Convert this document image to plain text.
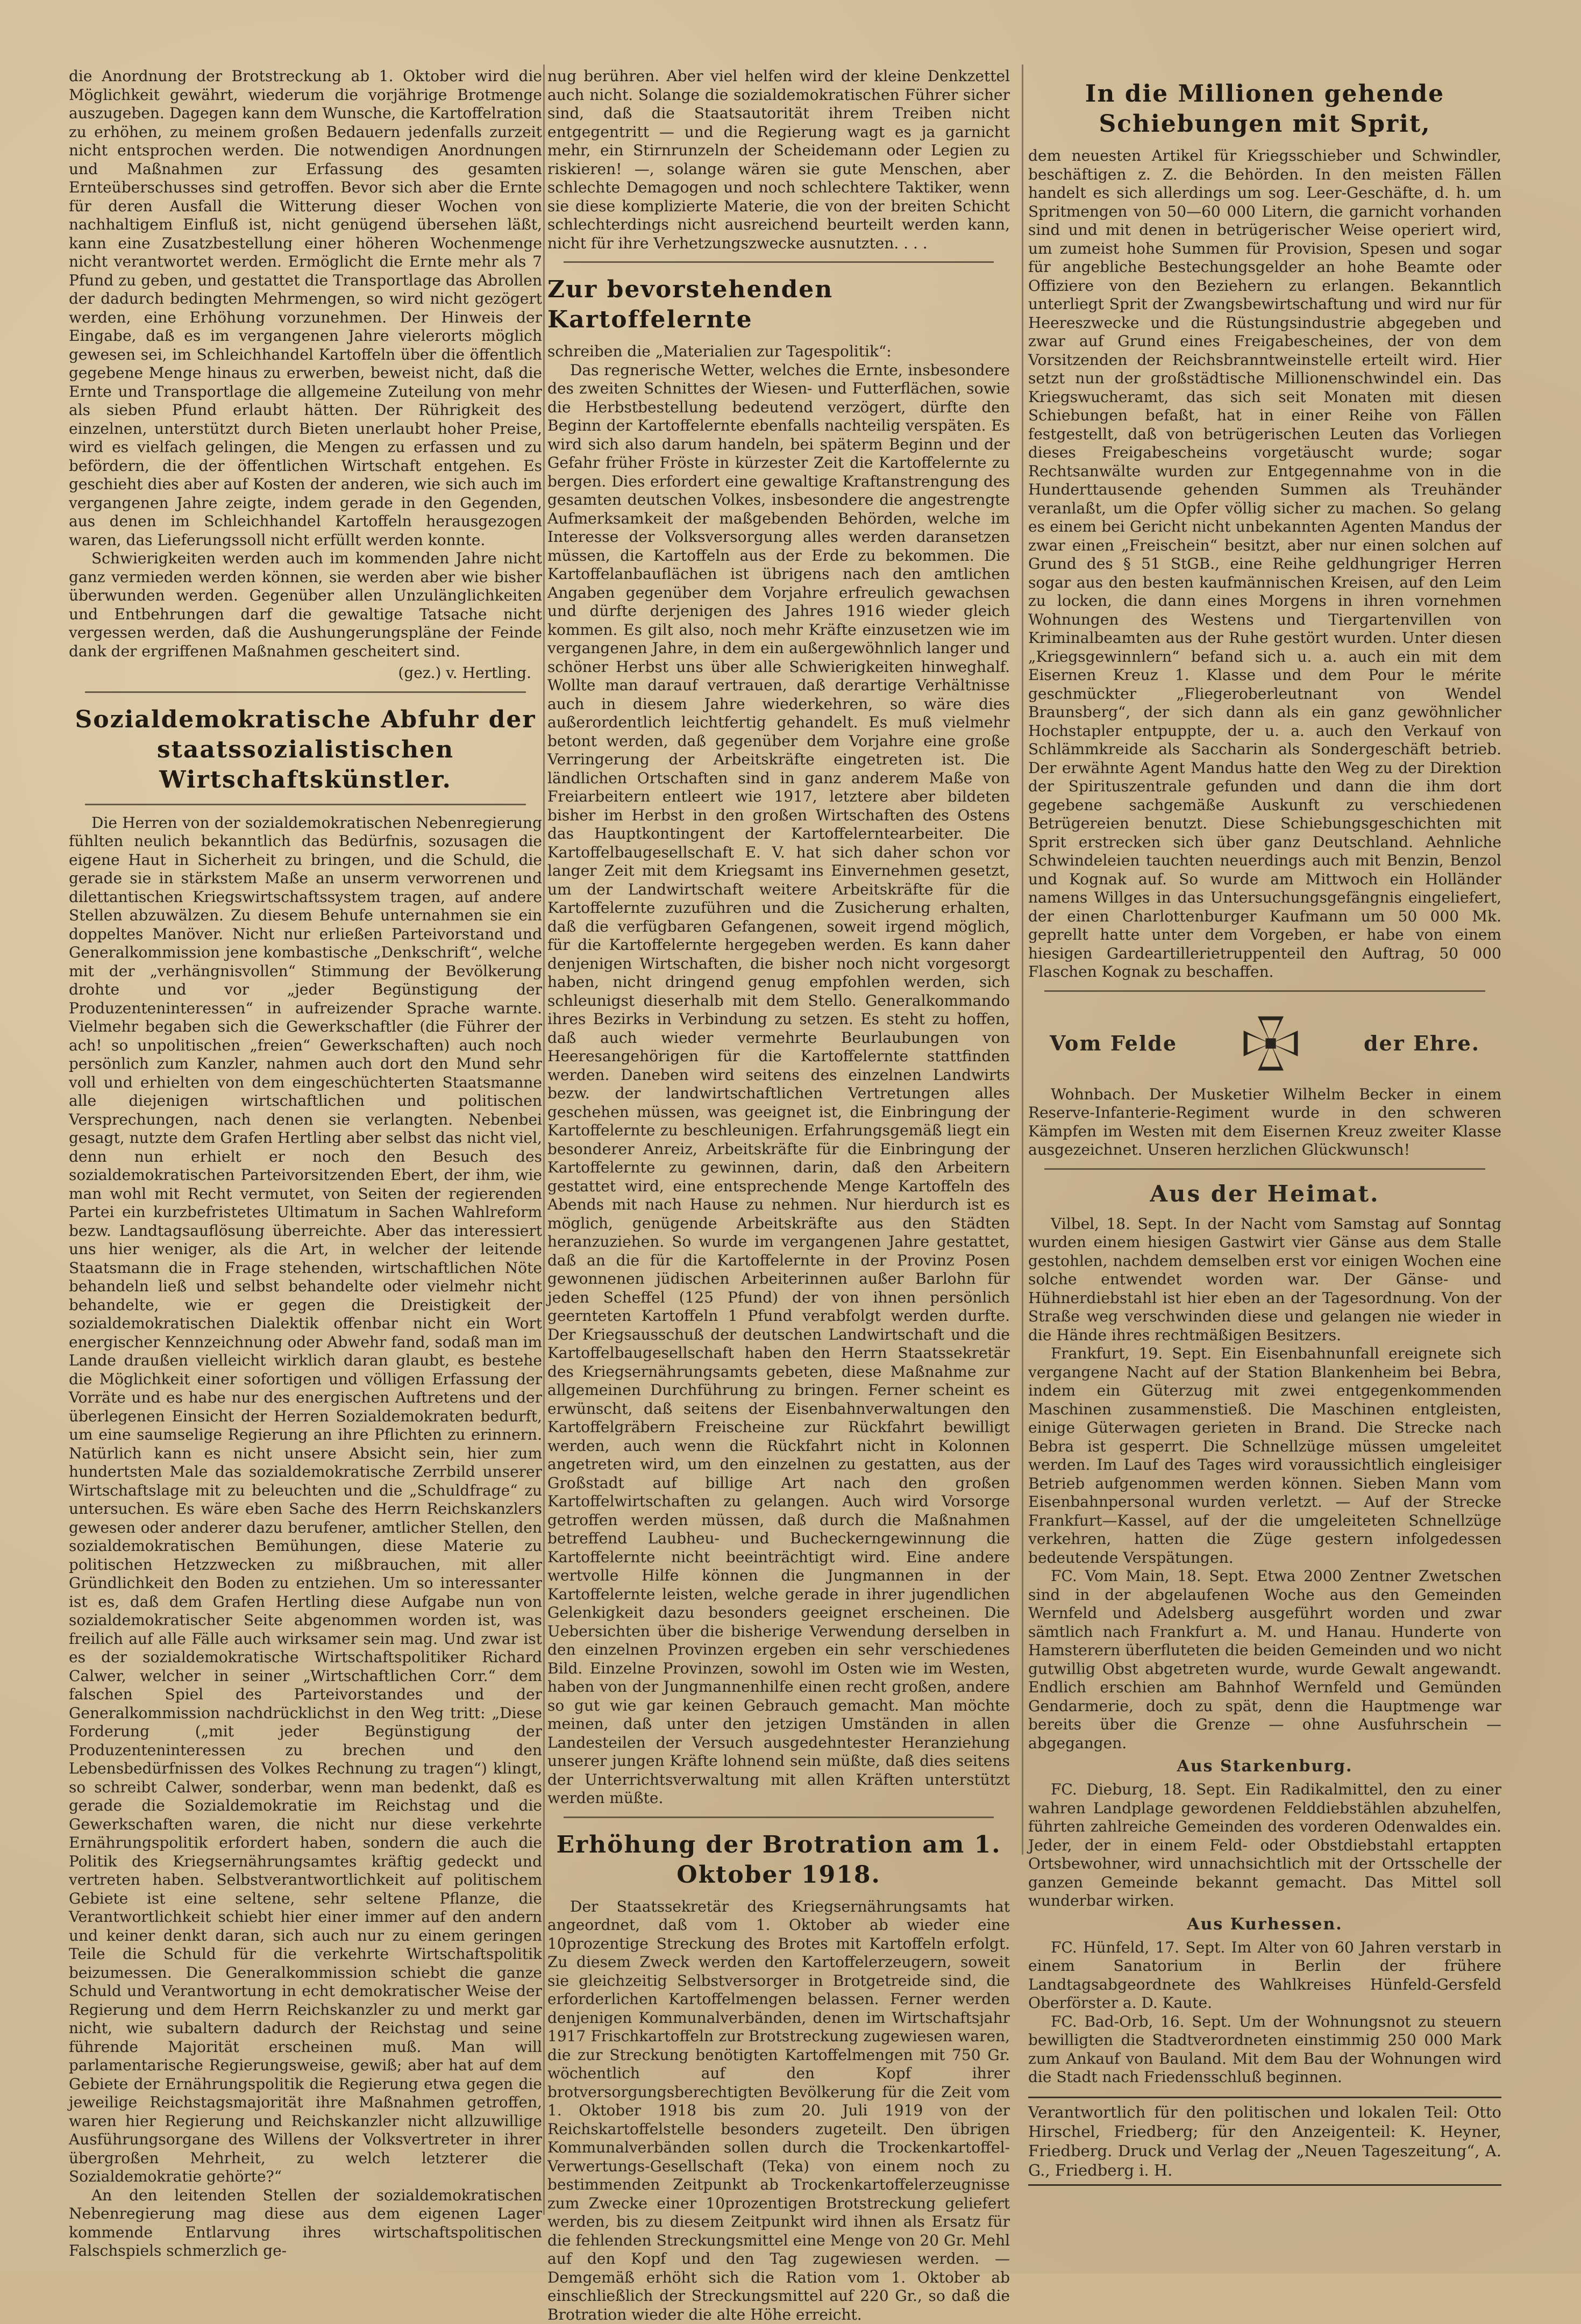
die Anordnung der Brotstreckung ab 1. Oktober wird die Möglichkeit gewährt, wiederum die vorjährige Brotmenge auszugeben. Dagegen kann dem Wunsche, die Kartoffelration zu erhöhen, zu meinem großen Bedauern jedenfalls zurzeit nicht entsprochen werden. Die notwendigen Anordnungen und Maßnahmen zur Erfassung des gesamten Ernteüberschusses sind getroffen. Bevor sich aber die Ernte für deren Ausfall die Witterung dieser Wochen von nachhaltigem Einfluß ist, nicht genügend übersehen läßt, kann eine Zusatzbestellung einer höheren Wochenmenge nicht verantwortet werden. Ermöglicht die Ernte mehr als 7 Pfund zu geben, und gestattet die Transportlage das Abrollen der dadurch bedingten Mehrmengen, so wird nicht gezögert werden, eine Erhöhung vorzunehmen. Der Hinweis der Eingabe, daß es im vergangenen Jahre vielerorts möglich gewesen sei, im Schleichhandel Kartoffeln über die öffentlich gegebene Menge hinaus zu erwerben, beweist nicht, daß die Ernte und Transportlage die allgemeine Zuteilung von mehr als sieben Pfund erlaubt hätten. Der Rührigkeit des einzelnen, unterstützt durch Bieten unerlaubt hoher Preise, wird es vielfach gelingen, die Mengen zu erfassen und zu befördern, die der öffentlichen Wirtschaft entgehen. Es geschieht dies aber auf Kosten der anderen, wie sich auch im vergangenen Jahre zeigte, indem gerade in den Gegenden, aus denen im Schleichhandel Kartoffeln herausgezogen waren, das Lieferungssoll nicht erfüllt werden konnte.

Schwierigkeiten werden auch im kommenden Jahre nicht ganz vermieden werden können, sie werden aber wie bisher überwunden werden. Gegenüber allen Unzulänglichkeiten und Entbehrungen darf die gewaltige Tatsache nicht vergessen werden, daß die Aushungerungspläne der Feinde dank der ergriffenen Maßnahmen gescheitert sind.

(gez.) v. Hertling.
Sozialdemokratische Abfuhr der staatssozialistischen Wirtschaftskünstler.

Die Herren von der sozialdemokratischen Nebenregierung fühlten neulich bekanntlich das Bedürfnis, sozusagen die eigene Haut in Sicherheit zu bringen, und die Schuld, die gerade sie in stärkstem Maße an unserm verworrenen und dilettantischen Kriegswirtschaftssystem tragen, auf andere Stellen abzuwälzen. Zu diesem Behufe unternahmen sie ein doppeltes Manöver. Nicht nur erließen Parteivorstand und Generalkommission jene kombastische „Denkschrift“, welche mit der „verhängnisvollen“ Stimmung der Bevölkerung drohte und vor „jeder Begünstigung der Produzenteninteressen“ in aufreizender Sprache warnte. Vielmehr begaben sich die Gewerkschaftler (die Führer der ach! so unpolitischen „freien“ Gewerkschaften) auch noch persönlich zum Kanzler, nahmen auch dort den Mund sehr voll und erhielten von dem eingeschüchterten Staatsmanne alle diejenigen wirtschaftlichen und politischen Versprechungen, nach denen sie verlangten. Nebenbei gesagt, nutzte dem Grafen Hertling aber selbst das nicht viel, denn nun erhielt er noch den Besuch des sozialdemokratischen Parteivorsitzenden Ebert, der ihm, wie man wohl mit Recht vermutet, von Seiten der regierenden Partei ein kurzbefristetes Ultimatum in Sachen Wahlreform bezw. Landtagsauflösung überreichte. Aber das interessiert uns hier weniger, als die Art, in welcher der leitende Staatsmann die in Frage stehenden, wirtschaftlichen Nöte behandeln ließ und selbst behandelte oder vielmehr nicht behandelte, wie er gegen die Dreistigkeit der sozialdemokratischen Dialektik offenbar nicht ein Wort energischer Kennzeichnung oder Abwehr fand, sodaß man im Lande draußen vielleicht wirklich daran glaubt, es bestehe die Möglichkeit einer sofortigen und völligen Erfassung der Vorräte und es habe nur des energischen Auftretens und der überlegenen Einsicht der Herren Sozialdemokraten bedurft, um eine saumselige Regierung an ihre Pflichten zu erinnern. Natürlich kann es nicht unsere Absicht sein, hier zum hundertsten Male das sozialdemokratische Zerrbild unserer Wirtschaftslage mit zu beleuchten und die „Schuldfrage“ zu untersuchen. Es wäre eben Sache des Herrn Reichskanzlers gewesen oder anderer dazu berufener, amtlicher Stellen, den sozialdemokratischen Bemühungen, diese Materie zu politischen Hetzzwecken zu mißbrauchen, mit aller Gründlichkeit den Boden zu entziehen. Um so interessanter ist es, daß dem Grafen Hertling diese Aufgabe nun von sozialdemokratischer Seite abgenommen worden ist, was freilich auf alle Fälle auch wirksamer sein mag. Und zwar ist es der sozialdemokratische Wirtschaftspolitiker Richard Calwer, welcher in seiner „Wirtschaftlichen Corr.“ dem falschen Spiel des Parteivorstandes und der Generalkommission nachdrücklichst in den Weg tritt: „Diese Forderung („mit jeder Begünstigung der Produzenteninteressen zu brechen und den Lebensbedürfnissen des Volkes Rechnung zu tragen“) klingt, so schreibt Calwer, sonderbar, wenn man bedenkt, daß es gerade die Sozialdemokratie im Reichstag und die Gewerkschaften waren, die nicht nur diese verkehrte Ernährungspolitik erfordert haben, sondern die auch die Politik des Kriegsernährungsamtes kräftig gedeckt und vertreten haben. Selbstverantwortlichkeit auf politischem Gebiete ist eine seltene, sehr seltene Pflanze, die Verantwortlichkeit schiebt hier einer immer auf den andern und keiner denkt daran, sich auch nur zu einem geringen Teile die Schuld für die verkehrte Wirtschaftspolitik beizumessen. Die Generalkommission schiebt die ganze Schuld und Verantwortung in echt demokratischer Weise der Regierung und dem Herrn Reichskanzler zu und merkt gar nicht, wie subaltern dadurch der Reichstag und seine führende Majorität erscheinen muß. Man will parlamentarische Regierungsweise, gewiß; aber hat auf dem Gebiete der Ernährungspolitik die Regierung etwa gegen die jeweilige Reichstagsmajorität ihre Maßnahmen getroffen, waren hier Regierung und Reichskanzler nicht allzuwillige Ausführungsorgane des Willens der Volksvertreter in ihrer übergroßen Mehrheit, zu welch letzterer die Sozialdemokratie gehörte?“

An den leitenden Stellen der sozialdemokratischen Nebenregierung mag diese aus dem eigenen Lager kommende Entlarvung ihres wirtschaftspolitischen Falschspiels schmerzlich ge-

nug berühren. Aber viel helfen wird der kleine Denkzettel auch nicht. Solange die sozialdemokratischen Führer sicher sind, daß die Staatsautorität ihrem Treiben nicht entgegentritt — und die Regierung wagt es ja garnicht mehr, ein Stirnrunzeln der Scheidemann oder Legien zu riskieren! —, solange wären sie gute Menschen, aber schlechte Demagogen und noch schlechtere Taktiker, wenn sie diese komplizierte Materie, die von der breiten Schicht schlechterdings nicht ausreichend beurteilt werden kann, nicht für ihre Verhetzungszwecke ausnutzten. . . .

Zur bevorstehenden Kartoffelernte

schreiben die „Materialien zur Tagespolitik“:

Das regnerische Wetter, welches die Ernte, insbesondere des zweiten Schnittes der Wiesen- und Futterflächen, sowie die Herbstbestellung bedeutend verzögert, dürfte den Beginn der Kartoffelernte ebenfalls nachteilig verspäten. Es wird sich also darum handeln, bei späterm Beginn und der Gefahr früher Fröste in kürzester Zeit die Kartoffelernte zu bergen. Dies erfordert eine gewaltige Kraftanstrengung des gesamten deutschen Volkes, insbesondere die angestrengte Aufmerksamkeit der maßgebenden Behörden, welche im Interesse der Volksversorgung alles werden daransetzen müssen, die Kartoffeln aus der Erde zu bekommen. Die Kartoffelanbauflächen ist übrigens nach den amtlichen Angaben gegenüber dem Vorjahre erfreulich gewachsen und dürfte derjenigen des Jahres 1916 wieder gleich kommen. Es gilt also, noch mehr Kräfte einzusetzen wie im vergangenen Jahre, in dem ein außergewöhnlich langer und schöner Herbst uns über alle Schwierigkeiten hinweghalf. Wollte man darauf vertrauen, daß derartige Verhältnisse auch in diesem Jahre wiederkehren, so wäre dies außerordentlich leichtfertig gehandelt. Es muß vielmehr betont werden, daß gegenüber dem Vorjahre eine große Verringerung der Arbeitskräfte eingetreten ist. Die ländlichen Ortschaften sind in ganz anderem Maße von Freiarbeitern entleert wie 1917, letztere aber bildeten bisher im Herbst in den großen Wirtschaften des Ostens das Hauptkontingent der Kartoffelerntearbeiter. Die Kartoffelbaugesellschaft E. V. hat sich daher schon vor langer Zeit mit dem Kriegsamt ins Einvernehmen gesetzt, um der Landwirtschaft weitere Arbeitskräfte für die Kartoffelernte zuzuführen und die Zusicherung erhalten, daß die verfügbaren Gefangenen, soweit irgend möglich, für die Kartoffelernte hergegeben werden. Es kann daher denjenigen Wirtschaften, die bisher noch nicht vorgesorgt haben, nicht dringend genug empfohlen werden, sich schleunigst dieserhalb mit dem Stello. Generalkommando ihres Bezirks in Verbindung zu setzen. Es steht zu hoffen, daß auch wieder vermehrte Beurlaubungen von Heeresangehörigen für die Kartoffelernte stattfinden werden. Daneben wird seitens des einzelnen Landwirts bezw. der landwirtschaftlichen Vertretungen alles geschehen müssen, was geeignet ist, die Einbringung der Kartoffelernte zu beschleunigen. Erfahrungsgemäß liegt ein besonderer Anreiz, Arbeitskräfte für die Einbringung der Kartoffelernte zu gewinnen, darin, daß den Arbeitern gestattet wird, eine entsprechende Menge Kartoffeln des Abends mit nach Hause zu nehmen. Nur hierdurch ist es möglich, genügende Arbeitskräfte aus den Städten heranzuziehen. So wurde im vergangenen Jahre gestattet, daß an die für die Kartoffelernte in der Provinz Posen gewonnenen jüdischen Arbeiterinnen außer Barlohn für jeden Scheffel (125 Pfund) der von ihnen persönlich geernteten Kartoffeln 1 Pfund verabfolgt werden durfte. Der Kriegsausschuß der deutschen Landwirtschaft und die Kartoffelbaugesellschaft haben den Herrn Staatssekretär des Kriegsernährungsamts gebeten, diese Maßnahme zur allgemeinen Durchführung zu bringen. Ferner scheint es erwünscht, daß seitens der Eisenbahnverwaltungen den Kartoffelgräbern Freischeine zur Rückfahrt bewilligt werden, auch wenn die Rückfahrt nicht in Kolonnen angetreten wird, um den einzelnen zu gestatten, aus der Großstadt auf billige Art nach den großen Kartoffelwirtschaften zu gelangen. Auch wird Vorsorge getroffen werden müssen, daß durch die Maßnahmen betreffend Laubheu- und Bucheckerngewinnung die Kartoffelernte nicht beeinträchtigt wird. Eine andere wertvolle Hilfe können die Jungmannen in der Kartoffelernte leisten, welche gerade in ihrer jugendlichen Gelenkigkeit dazu besonders geeignet erscheinen. Die Uebersichten über die bisherige Verwendung derselben in den einzelnen Provinzen ergeben ein sehr verschiedenes Bild. Einzelne Provinzen, sowohl im Osten wie im Westen, haben von der Jungmannenhilfe einen recht großen, andere so gut wie gar keinen Gebrauch gemacht. Man möchte meinen, daß unter den jetzigen Umständen in allen Landesteilen der Versuch ausgedehntester Heranziehung unserer jungen Kräfte lohnend sein müßte, daß dies seitens der Unterrichtsverwaltung mit allen Kräften unterstützt werden müßte.

Erhöhung der Brotration am 1. Oktober 1918.

Der Staatssekretär des Kriegsernährungsamts hat angeordnet, daß vom 1. Oktober ab wieder eine 10prozentige Streckung des Brotes mit Kartoffeln erfolgt. Zu diesem Zweck werden den Kartoffelerzeugern, soweit sie gleichzeitig Selbstversorger in Brotgetreide sind, die erforderlichen Kartoffelmengen belassen. Ferner werden denjenigen Kommunalverbänden, denen im Wirtschaftsjahr 1917 Frischkartoffeln zur Brotstreckung zugewiesen waren, die zur Streckung benötigten Kartoffelmengen mit 750 Gr. wöchentlich auf den Kopf ihrer brotversorgungsberechtigten Bevölkerung für die Zeit vom 1. Oktober 1918 bis zum 20. Juli 1919 von der Reichskartoffelstelle besonders zugeteilt. Den übrigen Kommunalverbänden sollen durch die Trockenkartoffel-Verwertungs-Gesellschaft (Teka) von einem noch zu bestimmenden Zeitpunkt ab Trockenkartoffelerzeugnisse zum Zwecke einer 10prozentigen Brotstreckung geliefert werden, bis zu diesem Zeitpunkt wird ihnen als Ersatz für die fehlenden Streckungsmittel eine Menge von 20 Gr. Mehl auf den Kopf und den Tag zugewiesen werden. — Demgemäß erhöht sich die Ration vom 1. Oktober ab einschließlich der Streckungsmittel auf 220 Gr., so daß die Brotration wieder die alte Höhe erreicht.

In die Millionen gehende Schiebungen mit Sprit,

dem neuesten Artikel für Kriegsschieber und Schwindler, beschäftigen z. Z. die Behörden. In den meisten Fällen handelt es sich allerdings um sog. Leer-Geschäfte, d. h. um Spritmengen von 50—60 000 Litern, die garnicht vorhanden sind und mit denen in betrügerischer Weise operiert wird, um zumeist hohe Summen für Provision, Spesen und sogar für angebliche Bestechungsgelder an hohe Beamte oder Offiziere von den Beziehern zu erlangen. Bekanntlich unterliegt Sprit der Zwangsbewirtschaftung und wird nur für Heereszwecke und die Rüstungsindustrie abgegeben und zwar auf Grund eines Freigabescheines, der von dem Vorsitzenden der Reichsbranntweinstelle erteilt wird. Hier setzt nun der großstädtische Millionenschwindel ein. Das Kriegswucheramt, das sich seit Monaten mit diesen Schiebungen befaßt, hat in einer Reihe von Fällen festgestellt, daß von betrügerischen Leuten das Vorliegen dieses Freigabescheins vorgetäuscht wurde; sogar Rechtsanwälte wurden zur Entgegennahme von in die Hunderttausende gehenden Summen als Treuhänder veranlaßt, um die Opfer völlig sicher zu machen. So gelang es einem bei Gericht nicht unbekannten Agenten Mandus der zwar einen „Freischein“ besitzt, aber nur einen solchen auf Grund des § 51 StGB., eine Reihe geldhungriger Herren sogar aus den besten kaufmännischen Kreisen, auf den Leim zu locken, die dann eines Morgens in ihren vornehmen Wohnungen des Westens und Tiergartenvillen von Kriminalbeamten aus der Ruhe gestört wurden. Unter diesen „Kriegsgewinnlern“ befand sich u. a. auch ein mit dem Eisernen Kreuz 1. Klasse und dem Pour le mérite geschmückter „Fliegeroberleutnant von Wendel Braunsberg“, der sich dann als ein ganz gewöhnlicher Hochstapler entpuppte, der u. a. auch den Verkauf von Schlämmkreide als Saccharin als Sondergeschäft betrieb. Der erwähnte Agent Mandus hatte den Weg zu der Direktion der Spirituszentrale gefunden und dann die ihm dort gegebene sachgemäße Auskunft zu verschiedenen Betrügereien benutzt. Diese Schiebungsgeschichten mit Sprit erstrecken sich über ganz Deutschland. Aehnliche Schwindeleien tauchten neuerdings auch mit Benzin, Benzol und Kognak auf. So wurde am Mittwoch ein Holländer namens Willges in das Untersuchungsgefängnis eingeliefert, der einen Charlottenburger Kaufmann um 50 000 Mk. geprellt hatte unter dem Vorgeben, er habe von einem hiesigen Gardeartillerietruppenteil den Auftrag, 50 000 Flaschen Kognak zu beschaffen.

Vom Felde	der Ehre.

Wohnbach. Der Musketier Wilhelm Becker in einem Reserve-Infanterie-Regiment wurde in den schweren Kämpfen im Westen mit dem Eisernen Kreuz zweiter Klasse ausgezeichnet. Unseren herzlichen Glückwunsch!

Aus der Heimat.

Vilbel, 18. Sept. In der Nacht vom Samstag auf Sonntag wurden einem hiesigen Gastwirt vier Gänse aus dem Stalle gestohlen, nachdem demselben erst vor einigen Wochen eine solche entwendet worden war. Der Gänse- und Hühnerdiebstahl ist hier eben an der Tagesordnung. Von der Straße weg verschwinden diese und gelangen nie wieder in die Hände ihres rechtmäßigen Besitzers.

Frankfurt, 19. Sept. Ein Eisenbahnunfall ereignete sich vergangene Nacht auf der Station Blankenheim bei Bebra, indem ein Güterzug mit zwei entgegenkommenden Maschinen zusammenstieß. Die Maschinen entgleisten, einige Güterwagen gerieten in Brand. Die Strecke nach Bebra ist gesperrt. Die Schnellzüge müssen umgeleitet werden. Im Lauf des Tages wird voraussichtlich eingleisiger Betrieb aufgenommen werden können. Sieben Mann vom Eisenbahnpersonal wurden verletzt. — Auf der Strecke Frankfurt—Kassel, auf der die umgeleiteten Schnellzüge verkehren, hatten die Züge gestern infolgedessen bedeutende Verspätungen.

FC. Vom Main, 18. Sept. Etwa 2000 Zentner Zwetschen sind in der abgelaufenen Woche aus den Gemeinden Wernfeld und Adelsberg ausgeführt worden und zwar sämtlich nach Frankfurt a. M. und Hanau. Hunderte von Hamsterern überfluteten die beiden Gemeinden und wo nicht gutwillig Obst abgetreten wurde, wurde Gewalt angewandt. Endlich erschien am Bahnhof Wernfeld und Gemünden Gendarmerie, doch zu spät, denn die Hauptmenge war bereits über die Grenze — ohne Ausfuhrschein — abgegangen.

Aus Starkenburg.

FC. Dieburg, 18. Sept. Ein Radikalmittel, den zu einer wahren Landplage gewordenen Felddiebstählen abzuhelfen, führten zahlreiche Gemeinden des vorderen Odenwaldes ein. Jeder, der in einem Feld- oder Obstdiebstahl ertappten Ortsbewohner, wird unnachsichtlich mit der Ortsschelle der ganzen Gemeinde bekannt gemacht. Das Mittel soll wunderbar wirken.

Aus Kurhessen.

FC. Hünfeld, 17. Sept. Im Alter von 60 Jahren verstarb in einem Sanatorium in Berlin der frühere Landtagsabgeordnete des Wahlkreises Hünfeld-Gersfeld Oberförster a. D. Kaute.

FC. Bad-Orb, 16. Sept. Um der Wohnungsnot zu steuern bewilligten die Stadtverordneten einstimmig 250 000 Mark zum Ankauf von Bauland. Mit dem Bau der Wohnungen wird die Stadt nach Friedensschluß beginnen.

Verantwortlich für den politischen und lokalen Teil: Otto Hirschel, Friedberg; für den Anzeigenteil: K. Heyner, Friedberg. Druck und Verlag der „Neuen Tageszeitung“, A. G., Friedberg i. H.
